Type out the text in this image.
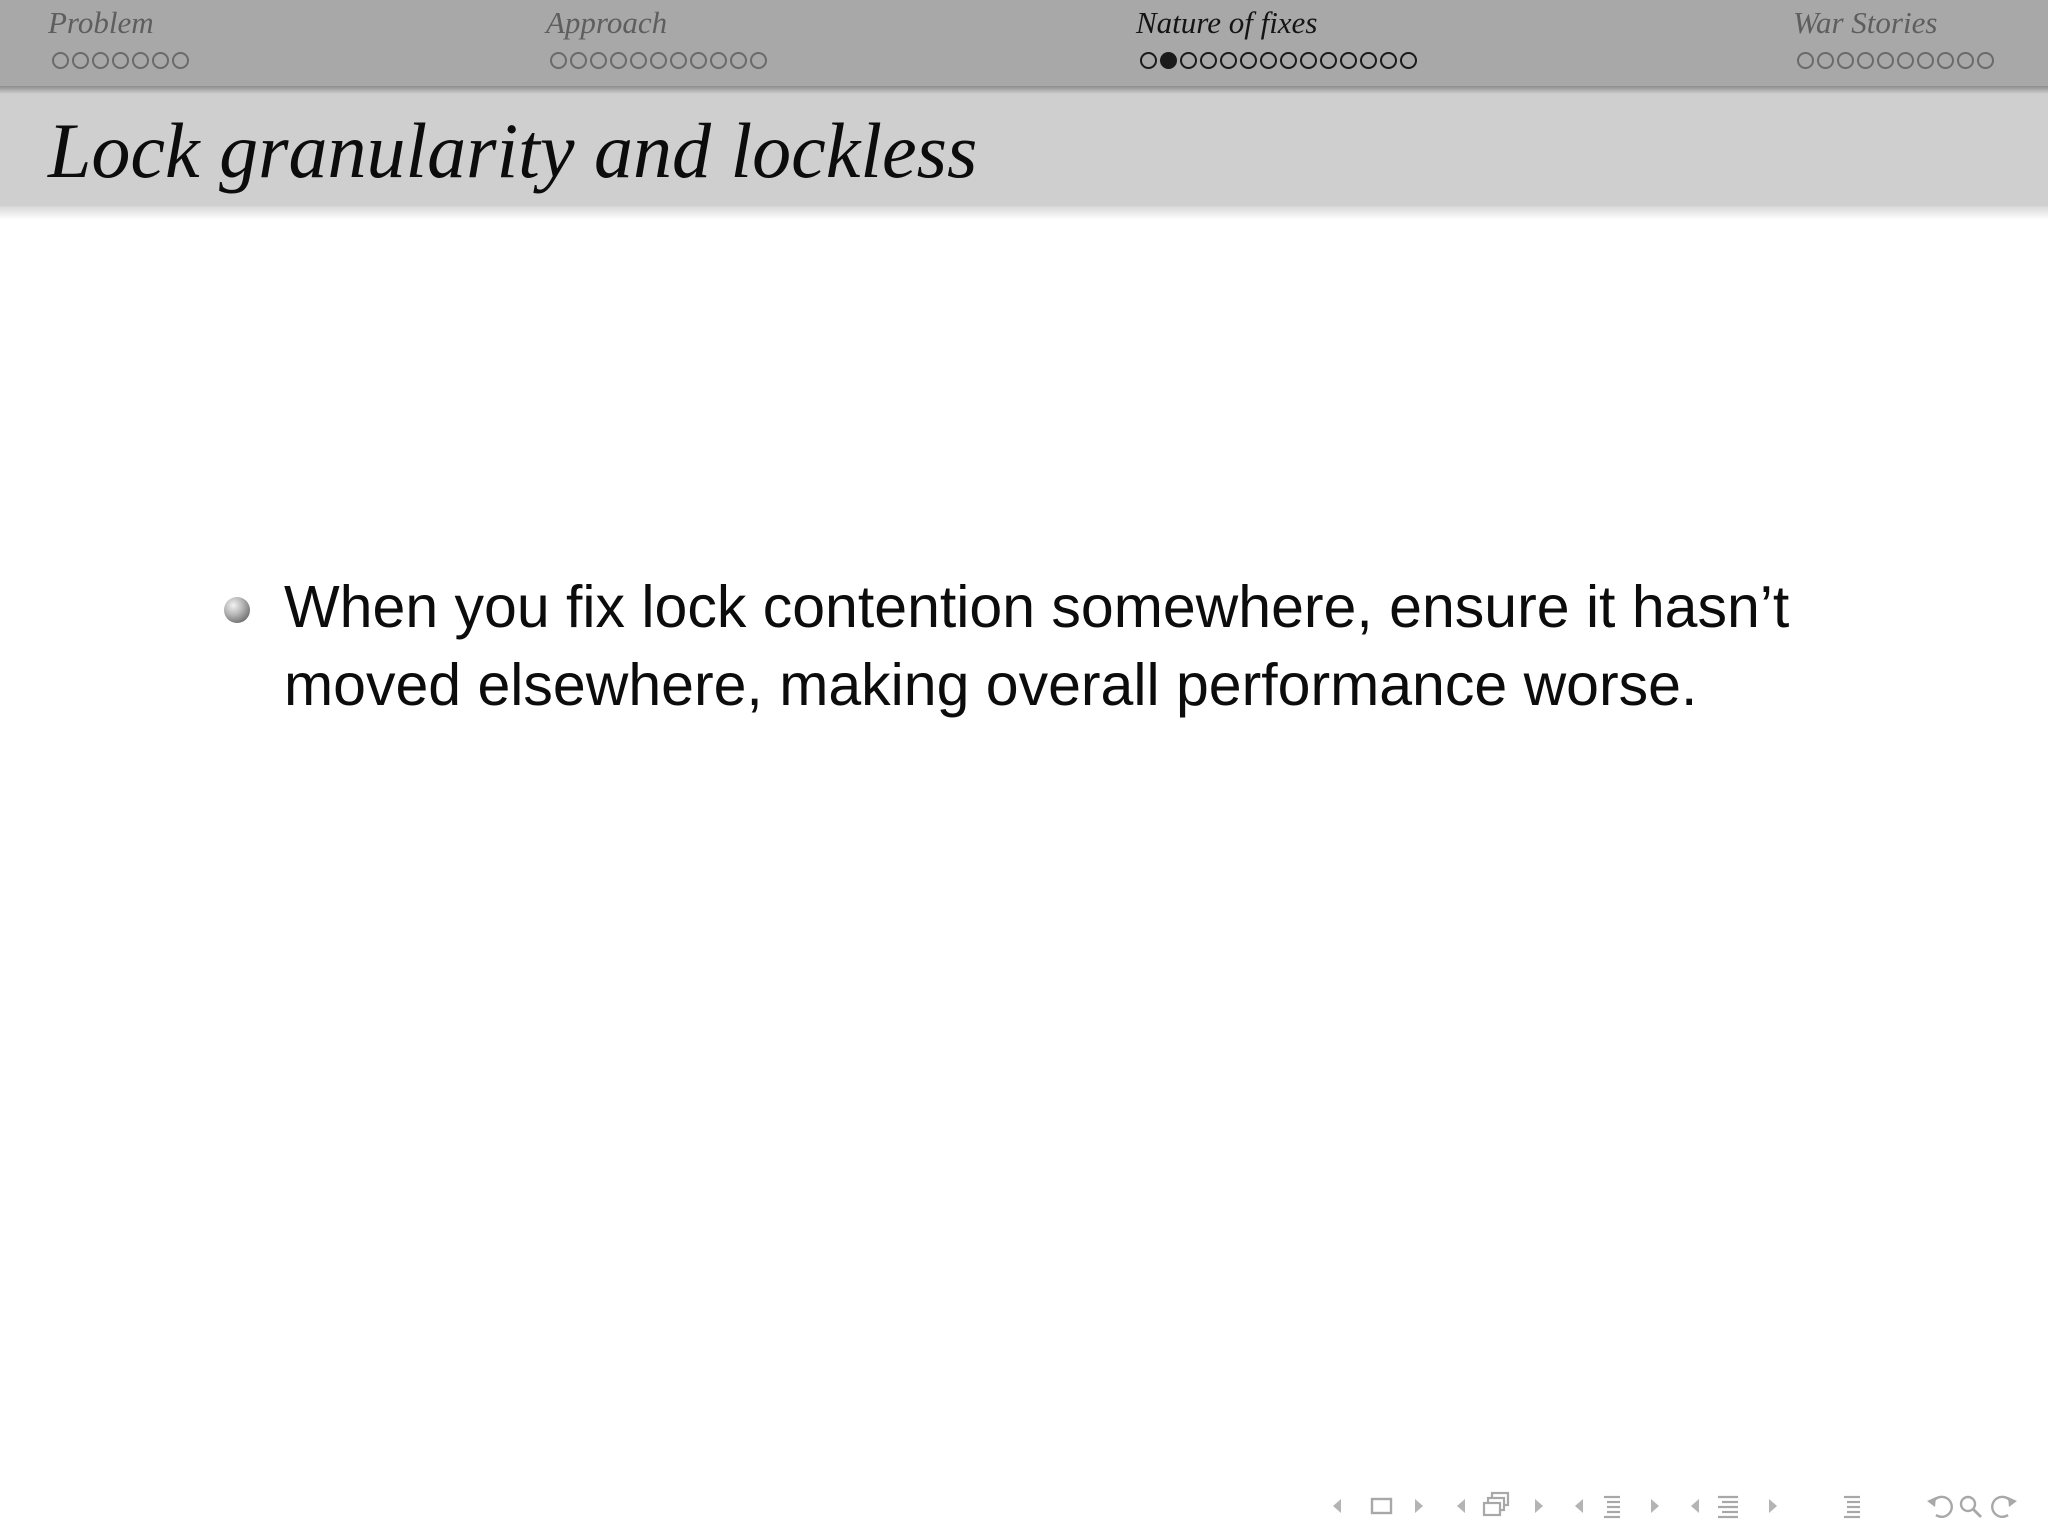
Problem	Approach	Nature of fixes	War Stories
Lock granularity and lockless
When you fix lock contention somewhere, ensure it hasn’t moved elsewhere, making overall performance worse.
